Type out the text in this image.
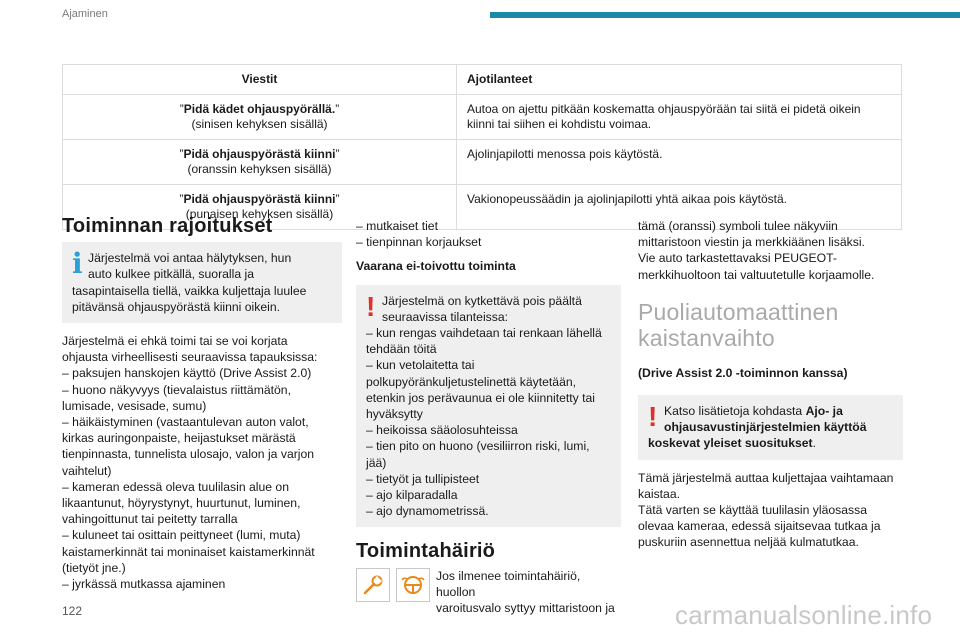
Ajaminen
Viestit	Ajotilanteet
”Pidä kädet ohjauspyörällä.”
(sinisen kehyksen sisällä)	Autoa on ajettu pitkään koskematta ohjauspyörään tai siitä ei pidetä oikein kiinni tai siihen ei kohdistu voimaa.
”Pidä ohjauspyörästä kiinni”
(oranssin kehyksen sisällä)	Ajolinjapilotti menossa pois käytöstä.
”Pidä ohjauspyörästä kiinni”
(punaisen kehyksen sisällä)	Vakionopeussäädin ja ajolinjapilotti yhtä aikaa pois käytöstä.
Toiminnan rajoitukset
i Järjestelmä voi antaa hälytyksen, hun

auto kulkee pitkällä, suoralla ja

tasapintaisella tiellä, vaikka kuljettaja luulee

pitävänsä ohjauspyörästä kiinni oikein.

Järjestelmä ei ehkä toimi tai se voi korjata

ohjausta virheellisesti seuraavissa tapauksissa:

– paksujen hanskojen käyttö (Drive Assist 2.0)

– huono näkyvyys (tievalaistus riittämätön,

lumisade, vesisade, sumu)

– häikäistyminen (vastaantulevan auton valot,

kirkas auringonpaiste, heijastukset märästä

tienpinnasta, tunnelista ulosajo, valon ja varjon

vaihtelut)

– kameran edessä oleva tuulilasin alue on

likaantunut, höyrystynyt, huurtunut, luminen,

vahingoittunut tai peitetty tarralla

– kuluneet tai osittain peittyneet (lumi, muta)

kaistamerkinnät tai moninaiset kaistamerkinnät

(tietyöt jne.)

– jyrkässä mutkassa ajaminen

– mutkaiset tiet

– tienpinnan korjaukset

Vaarana ei-toivottu toiminta
! Järjestelmä on kytkettävä pois päältä

seuraavissa tilanteissa:

– kun rengas vaihdetaan tai renkaan lähellä

tehdään töitä

– kun vetolaitetta tai

polkupyöränkuljetustelinettä käytetään,

etenkin jos perävaunua ei ole kiinnitetty tai

hyväksytty

– heikoissa sääolosuhteissa

– tien pito on huono (vesiliirron riski, lumi,

jää)

– tietyöt ja tullipisteet

– ajo kilparadalla

– ajo dynamometrissä.

Toimintahäiriö

Jos ilmenee toimintahäiriö, huollon

varoitusvalo syttyy mittaristoon ja

tämä (oranssi) symboli tulee näkyviin

mittaristoon viestin ja merkkiäänen lisäksi.

Vie auto tarkastettavaksi PEUGEOT-

merkkihuoltoon tai valtuutetulle korjaamolle.

Puoliautomaattinen
kaistanvaihto
(Drive Assist 2.0 -toiminnon kanssa)
! Katso lisätietoja kohdasta Ajo- ja

ohjausavustinjärjestelmien käyttöä

koskevat yleiset suositukset.

Tämä järjestelmä auttaa kuljettajaa vaihtamaan

kaistaa.

Tätä varten se käyttää tuulilasin yläosassa

olevaa kameraa, edessä sijaitsevaa tutkaa ja

puskuriin asennettua neljää kulmatutkaa.

122	carmanualsonline.info
